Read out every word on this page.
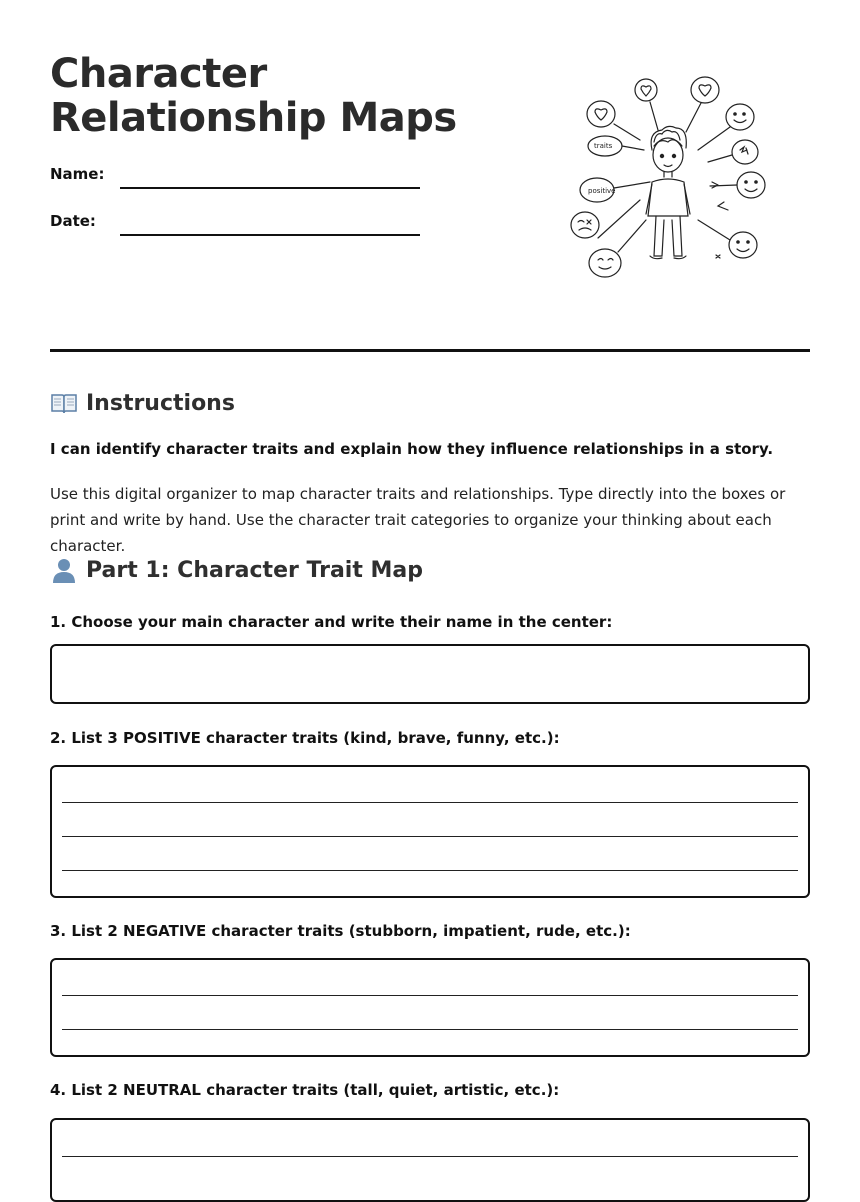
Character Relationship Maps
Name:
Date:
traits
positive
Instructions
I can identify character traits and explain how they influence relationships in a story.
Use this digital organizer to map character traits and relationships. Type directly into the boxes or print and write by hand. Use the character trait categories to organize your thinking about each character.
Part 1: Character Trait Map
1. Choose your main character and write their name in the center:
2. List 3 POSITIVE character traits (kind, brave, funny, etc.):
3. List 2 NEGATIVE character traits (stubborn, impatient, rude, etc.):
4. List 2 NEUTRAL character traits (tall, quiet, artistic, etc.):
